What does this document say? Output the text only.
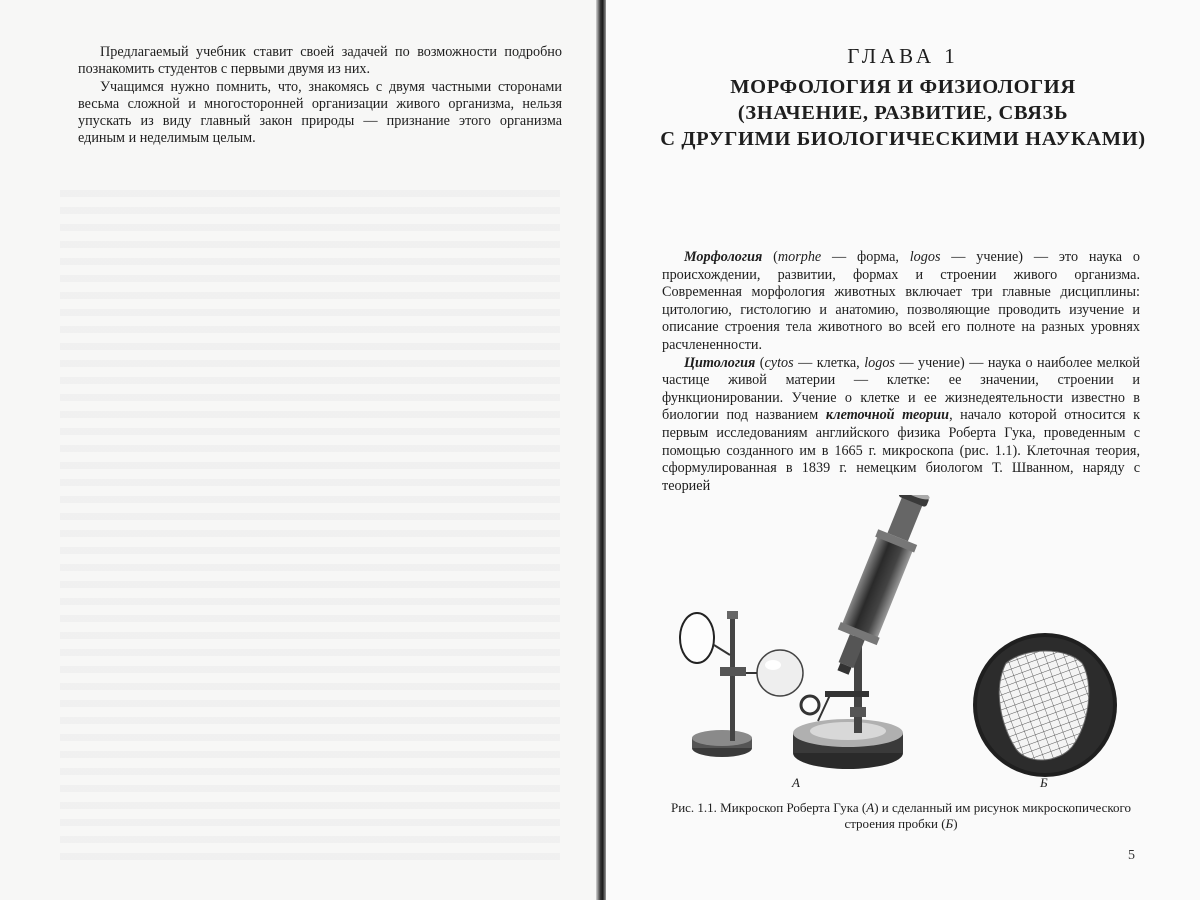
Предлагаемый учебник ставит своей задачей по возможности подробно познакомить студентов с первыми двумя из них.

Учащимся нужно помнить, что, знакомясь с двумя частными сторонами весьма сложной и многосторонней организации живого организма, нельзя упускать из виду главный закон природы — признание этого организма единым и неделимым целым.

ГЛАВА 1
МОРФОЛОГИЯ И ФИЗИОЛОГИЯ
(ЗНАЧЕНИЕ, РАЗВИТИЕ, СВЯЗЬ
С ДРУГИМИ БИОЛОГИЧЕСКИМИ НАУКАМИ)

Морфология (morphe — форма, logos — учение) — это наука о происхождении, развитии, формах и строении живого организма. Современная морфология животных включает три главные дисциплины: цитологию, гистологию и анатомию, позволяющие проводить изучение и описание строения тела животного во всей его полноте на разных уровнях расчлененности.

Цитология (cytos — клетка, logos — учение) — наука о наиболее мелкой частице живой материи — клетке: ее значении, строении и функционировании. Учение о клетке и ее жизнедеятельности известно в биологии под названием клеточной теории, начало которой относится к первым исследованиям английского физика Роберта Гука, проведенным с помощью созданного им в 1665 г. микроскопа (рис. 1.1). Клеточная теория, сформулированная в 1839 г. немецким биологом Т. Шванном, наряду с теорией

А	Б
Рис. 1.1. Микроскоп Роберта Гука (А) и сделанный им рисунок микроскопического строения пробки (Б)
5
